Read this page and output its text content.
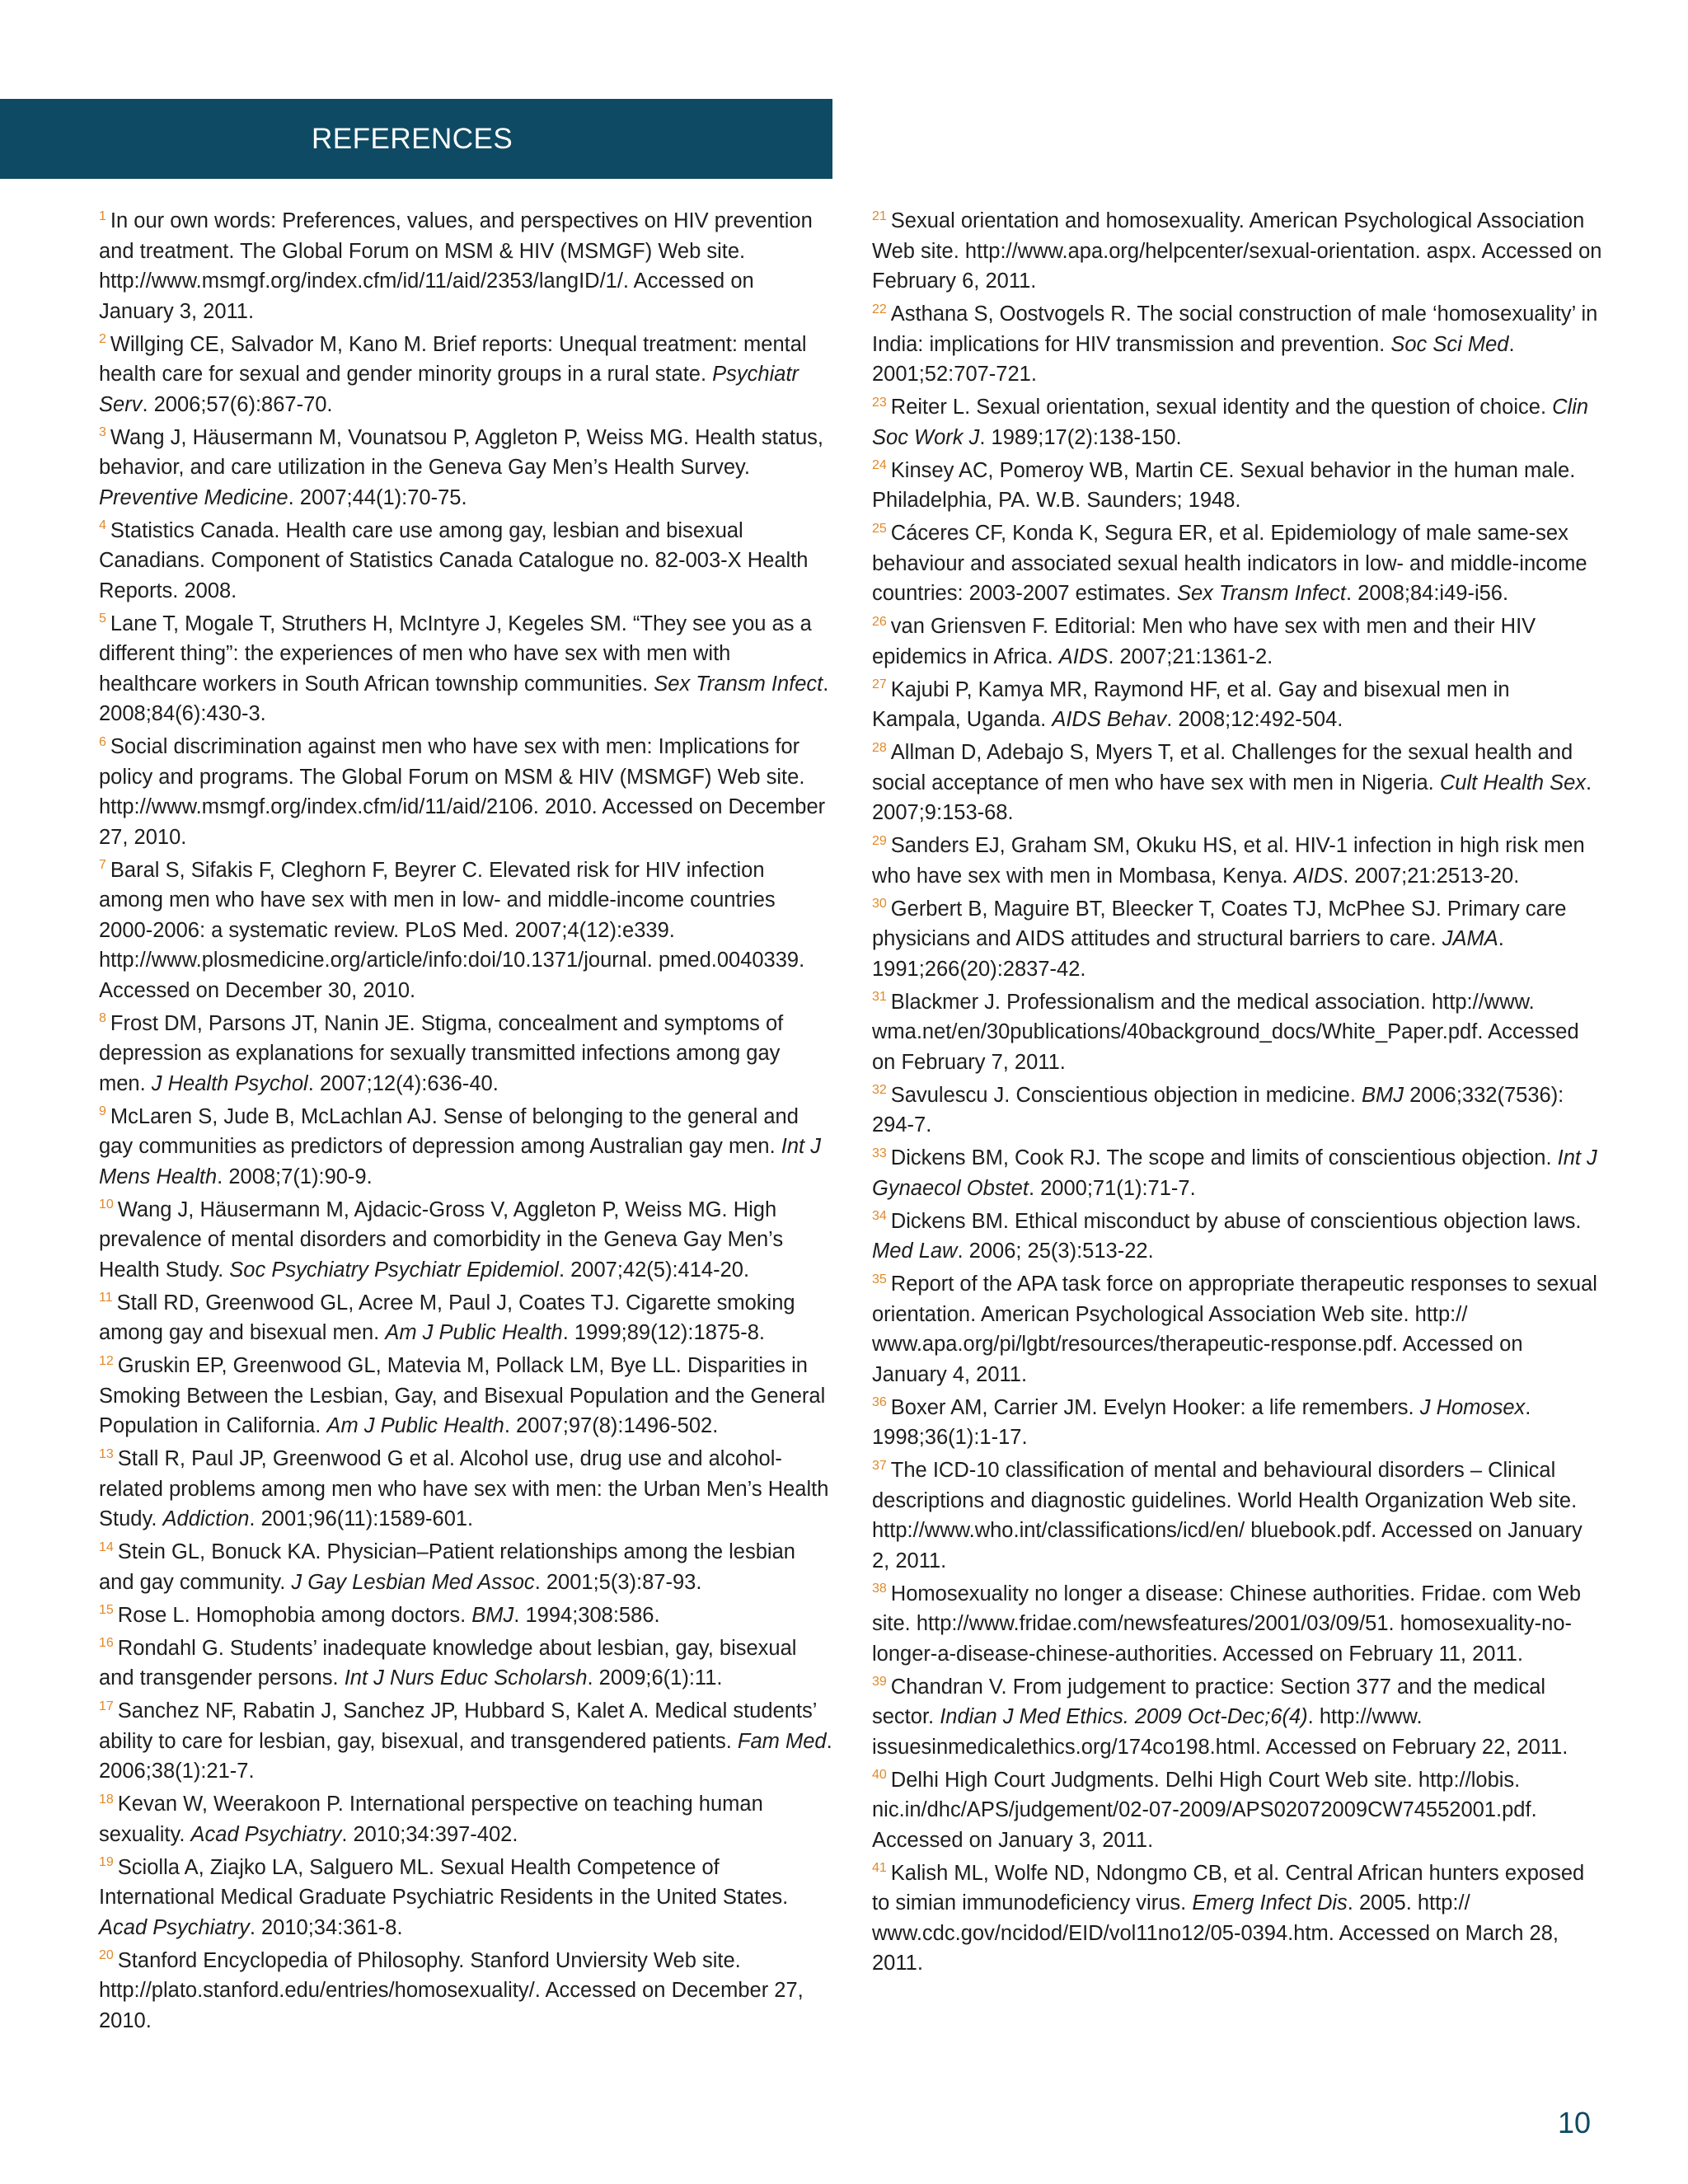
REFERENCES
$^1$ In our own words: Preferences, values, and perspectives on HIV prevention and treatment. The Global Forum on MSM & HIV (MSMGF) Web site. http://www.msmgf.org/index.cfm/id/11/aid/2353/langID/1/. Accessed on January 3, 2011.
$^2$ Willging CE, Salvador M, Kano M. Brief reports: Unequal treatment: mental health care for sexual and gender minority groups in a rural state. Psychiatr Serv. 2006;57(6):867-70.
$^3$ Wang J, Häusermann M, Vounatsou P, Aggleton P, Weiss MG. Health status, behavior, and care utilization in the Geneva Gay Men’s Health Survey. Preventive Medicine. 2007;44(1):70-75.
$^4$ Statistics Canada. Health care use among gay, lesbian and bisexual Canadians. Component of Statistics Canada Catalogue no. 82-003-X Health Reports. 2008.
$^5$ Lane T, Mogale T, Struthers H, McIntyre J, Kegeles SM. “They see you as a different thing”: the experiences of men who have sex with men with healthcare workers in South African township communities. Sex Transm Infect. 2008;84(6):430-3.
$^6$ Social discrimination against men who have sex with men: Implications for policy and programs. The Global Forum on MSM & HIV (MSMGF) Web site. http://www.msmgf.org/index.cfm/id/11/aid/2106. 2010. Accessed on December 27, 2010.
$^7$ Baral S, Sifakis F, Cleghorn F, Beyrer C. Elevated risk for HIV infection among men who have sex with men in low- and middle-income countries 2000-2006: a systematic review. PLoS Med. 2007;4(12):e339. http://www.plosmedicine.org/article/info:doi/10.1371/journal. pmed.0040339. Accessed on December 30, 2010.
$^8$ Frost DM, Parsons JT, Nanin JE. Stigma, concealment and symptoms of depression as explanations for sexually transmitted infections among gay men. J Health Psychol. 2007;12(4):636-40.
$^9$ McLaren S, Jude B, McLachlan AJ. Sense of belonging to the general and gay communities as predictors of depression among Australian gay men. Int J Mens Health. 2008;7(1):90-9.
$^{10}$ Wang J, Häusermann M, Ajdacic-Gross V, Aggleton P, Weiss MG. High prevalence of mental disorders and comorbidity in the Geneva Gay Men’s Health Study. Soc Psychiatry Psychiatr Epidemiol. 2007;42(5):414-20.
$^{11}$ Stall RD, Greenwood GL, Acree M, Paul J, Coates TJ. Cigarette smoking among gay and bisexual men. Am J Public Health. 1999;89(12):1875-8.
$^{12}$ Gruskin EP, Greenwood GL, Matevia M, Pollack LM, Bye LL. Disparities in Smoking Between the Lesbian, Gay, and Bisexual Population and the General Population in California. Am J Public Health. 2007;97(8):1496-502.
$^{13}$ Stall R, Paul JP, Greenwood G et al. Alcohol use, drug use and alcohol-related problems among men who have sex with men: the Urban Men’s Health Study. Addiction. 2001;96(11):1589-601.
$^{14}$ Stein GL, Bonuck KA. Physician–Patient relationships among the lesbian and gay community. J Gay Lesbian Med Assoc. 2001;5(3):87-93.
$^{15}$ Rose L. Homophobia among doctors. BMJ. 1994;308:586.
$^{16}$ Rondahl G. Students’ inadequate knowledge about lesbian, gay, bisexual and transgender persons. Int J Nurs Educ Scholarsh. 2009;6(1):11.
$^{17}$ Sanchez NF, Rabatin J, Sanchez JP, Hubbard S, Kalet A. Medical students’ ability to care for lesbian, gay, bisexual, and transgendered patients. Fam Med. 2006;38(1):21-7.
$^{18}$ Kevan W, Weerakoon P. International perspective on teaching human sexuality. Acad Psychiatry. 2010;34:397-402.
$^{19}$ Sciolla A, Ziajko LA, Salguero ML. Sexual Health Competence of International Medical Graduate Psychiatric Residents in the United States. Acad Psychiatry. 2010;34:361-8.
$^{20}$ Stanford Encyclopedia of Philosophy. Stanford Unviersity Web site. http://plato.stanford.edu/entries/homosexuality/. Accessed on December 27, 2010.
$^{21}$ Sexual orientation and homosexuality. American Psychological Association Web site. http://www.apa.org/helpcenter/sexual-orientation. aspx. Accessed on February 6, 2011.
$^{22}$ Asthana S, Oostvogels R. The social construction of male ‘homosexuality’ in India: implications for HIV transmission and prevention. Soc Sci Med. 2001;52:707-721.
$^{23}$ Reiter L. Sexual orientation, sexual identity and the question of choice. Clin Soc Work J. 1989;17(2):138-150.
$^{24}$ Kinsey AC, Pomeroy WB, Martin CE. Sexual behavior in the human male. Philadelphia, PA. W.B. Saunders; 1948.
$^{25}$ Cáceres CF, Konda K, Segura ER, et al. Epidemiology of male same-sex behaviour and associated sexual health indicators in low- and middle-income countries: 2003-2007 estimates. Sex Transm Infect. 2008;84:i49-i56.
$^{26}$ van Griensven F. Editorial: Men who have sex with men and their HIV epidemics in Africa. AIDS. 2007;21:1361-2.
$^{27}$ Kajubi P, Kamya MR, Raymond HF, et al. Gay and bisexual men in Kampala, Uganda. AIDS Behav. 2008;12:492-504.
$^{28}$ Allman D, Adebajo S, Myers T, et al. Challenges for the sexual health and social acceptance of men who have sex with men in Nigeria. Cult Health Sex. 2007;9:153-68.
$^{29}$ Sanders EJ, Graham SM, Okuku HS, et al. HIV-1 infection in high risk men who have sex with men in Mombasa, Kenya. AIDS. 2007;21:2513-20.
$^{30}$ Gerbert B, Maguire BT, Bleecker T, Coates TJ, McPhee SJ. Primary care physicians and AIDS attitudes and structural barriers to care. JAMA. 1991;266(20):2837-42.
$^{31}$ Blackmer J. Professionalism and the medical association. http://www. wma.net/en/30publications/40background_docs/White_Paper.pdf. Accessed on February 7, 2011.
$^{32}$ Savulescu J. Conscientious objection in medicine. BMJ 2006;332(7536): 294-7.
$^{33}$ Dickens BM, Cook RJ. The scope and limits of conscientious objection. Int J Gynaecol Obstet. 2000;71(1):71-7.
$^{34}$ Dickens BM. Ethical misconduct by abuse of conscientious objection laws. Med Law. 2006; 25(3):513-22.
$^{35}$ Report of the APA task force on appropriate therapeutic responses to sexual orientation. American Psychological Association Web site. http:// www.apa.org/pi/lgbt/resources/therapeutic-response.pdf. Accessed on January 4, 2011.
$^{36}$ Boxer AM, Carrier JM. Evelyn Hooker: a life remembers. J Homosex. 1998;36(1):1-17.
$^{37}$ The ICD-10 classification of mental and behavioural disorders – Clinical descriptions and diagnostic guidelines. World Health Organization Web site. http://www.who.int/classifications/icd/en/ bluebook.pdf. Accessed on January 2, 2011.
$^{38}$ Homosexuality no longer a disease: Chinese authorities. Fridae. com Web site. http://www.fridae.com/newsfeatures/2001/03/09/51. homosexuality-no-longer-a-disease-chinese-authorities. Accessed on February 11, 2011.
$^{39}$ Chandran V. From judgement to practice: Section 377 and the medical sector. Indian J Med Ethics. 2009 Oct-Dec;6(4). http://www. issuesinmedicalethics.org/174co198.html. Accessed on February 22, 2011.
$^{40}$ Delhi High Court Judgments. Delhi High Court Web site. http://lobis. nic.in/dhc/APS/judgement/02-07-2009/APS02072009CW74552001.pdf. Accessed on January 3, 2011.
$^{41}$ Kalish ML, Wolfe ND, Ndongmo CB, et al. Central African hunters exposed to simian immunodeficiency virus. Emerg Infect Dis. 2005. http:// www.cdc.gov/ncidod/EID/vol11no12/05-0394.htm. Accessed on March 28, 2011.
10
